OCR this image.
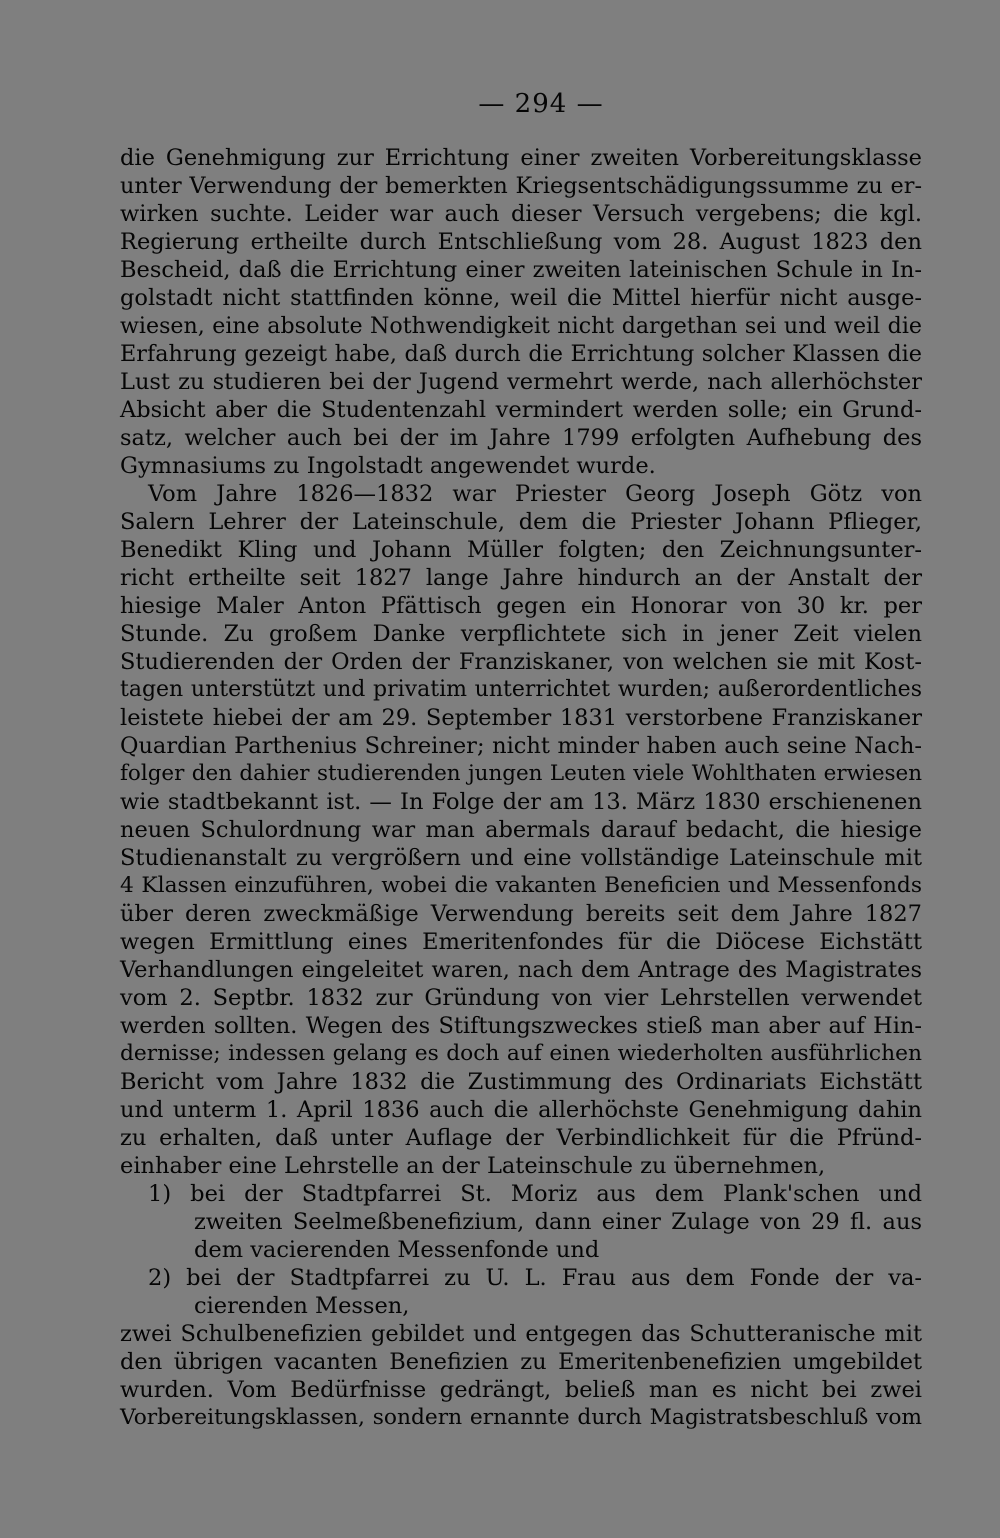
— 294 —
die Genehmigung zur Errichtung einer zweiten Vorbereitungsklasse
unter Verwendung der bemerkten Kriegsentschädigungssumme zu er-
wirken suchte. Leider war auch dieser Versuch vergebens; die kgl.
Regierung ertheilte durch Entschließung vom 28. August 1823 den
Bescheid, daß die Errichtung einer zweiten lateinischen Schule in In-
golstadt nicht stattfinden könne, weil die Mittel hierfür nicht ausge-
wiesen, eine absolute Nothwendigkeit nicht dargethan sei und weil die
Erfahrung gezeigt habe, daß durch die Errichtung solcher Klassen die
Lust zu studieren bei der Jugend vermehrt werde, nach allerhöchster
Absicht aber die Studentenzahl vermindert werden solle; ein Grund-
satz, welcher auch bei der im Jahre 1799 erfolgten Aufhebung des
Gymnasiums zu Ingolstadt angewendet wurde.
Vom Jahre 1826—1832 war Priester Georg Joseph Götz von
Salern Lehrer der Lateinschule, dem die Priester Johann Pflieger,
Benedikt Kling und Johann Müller folgten; den Zeichnungsunter-
richt ertheilte seit 1827 lange Jahre hindurch an der Anstalt der
hiesige Maler Anton Pfättisch gegen ein Honorar von 30 kr. per
Stunde. Zu großem Danke verpflichtete sich in jener Zeit vielen
Studierenden der Orden der Franziskaner, von welchen sie mit Kost-
tagen unterstützt und privatim unterrichtet wurden; außerordentliches
leistete hiebei der am 29. September 1831 verstorbene Franziskaner
Quardian Parthenius Schreiner; nicht minder haben auch seine Nach-
folger den dahier studierenden jungen Leuten viele Wohlthaten erwiesen
wie stadtbekannt ist. — In Folge der am 13. März 1830 erschienenen
neuen Schulordnung war man abermals darauf bedacht, die hiesige
Studienanstalt zu vergrößern und eine vollständige Lateinschule mit
4 Klassen einzuführen, wobei die vakanten Beneficien und Messenfonds
über deren zweckmäßige Verwendung bereits seit dem Jahre 1827
wegen Ermittlung eines Emeritenfondes für die Diöcese Eichstätt
Verhandlungen eingeleitet waren, nach dem Antrage des Magistrates
vom 2. Septbr. 1832 zur Gründung von vier Lehrstellen verwendet
werden sollten. Wegen des Stiftungszweckes stieß man aber auf Hin-
dernisse; indessen gelang es doch auf einen wiederholten ausführlichen
Bericht vom Jahre 1832 die Zustimmung des Ordinariats Eichstätt
und unterm 1. April 1836 auch die allerhöchste Genehmigung dahin
zu erhalten, daß unter Auflage der Verbindlichkeit für die Pfründ-
einhaber eine Lehrstelle an der Lateinschule zu übernehmen,
1) bei der Stadtpfarrei St. Moriz aus dem Plank'schen und
zweiten Seelmeßbenefizium, dann einer Zulage von 29 fl. aus
dem vacierenden Messenfonde und
2) bei der Stadtpfarrei zu U. L. Frau aus dem Fonde der va-
cierenden Messen,
zwei Schulbenefizien gebildet und entgegen das Schutteranische mit
den übrigen vacanten Benefizien zu Emeritenbenefizien umgebildet
wurden. Vom Bedürfnisse gedrängt, beließ man es nicht bei zwei
Vorbereitungsklassen, sondern ernannte durch Magistratsbeschluß vom
